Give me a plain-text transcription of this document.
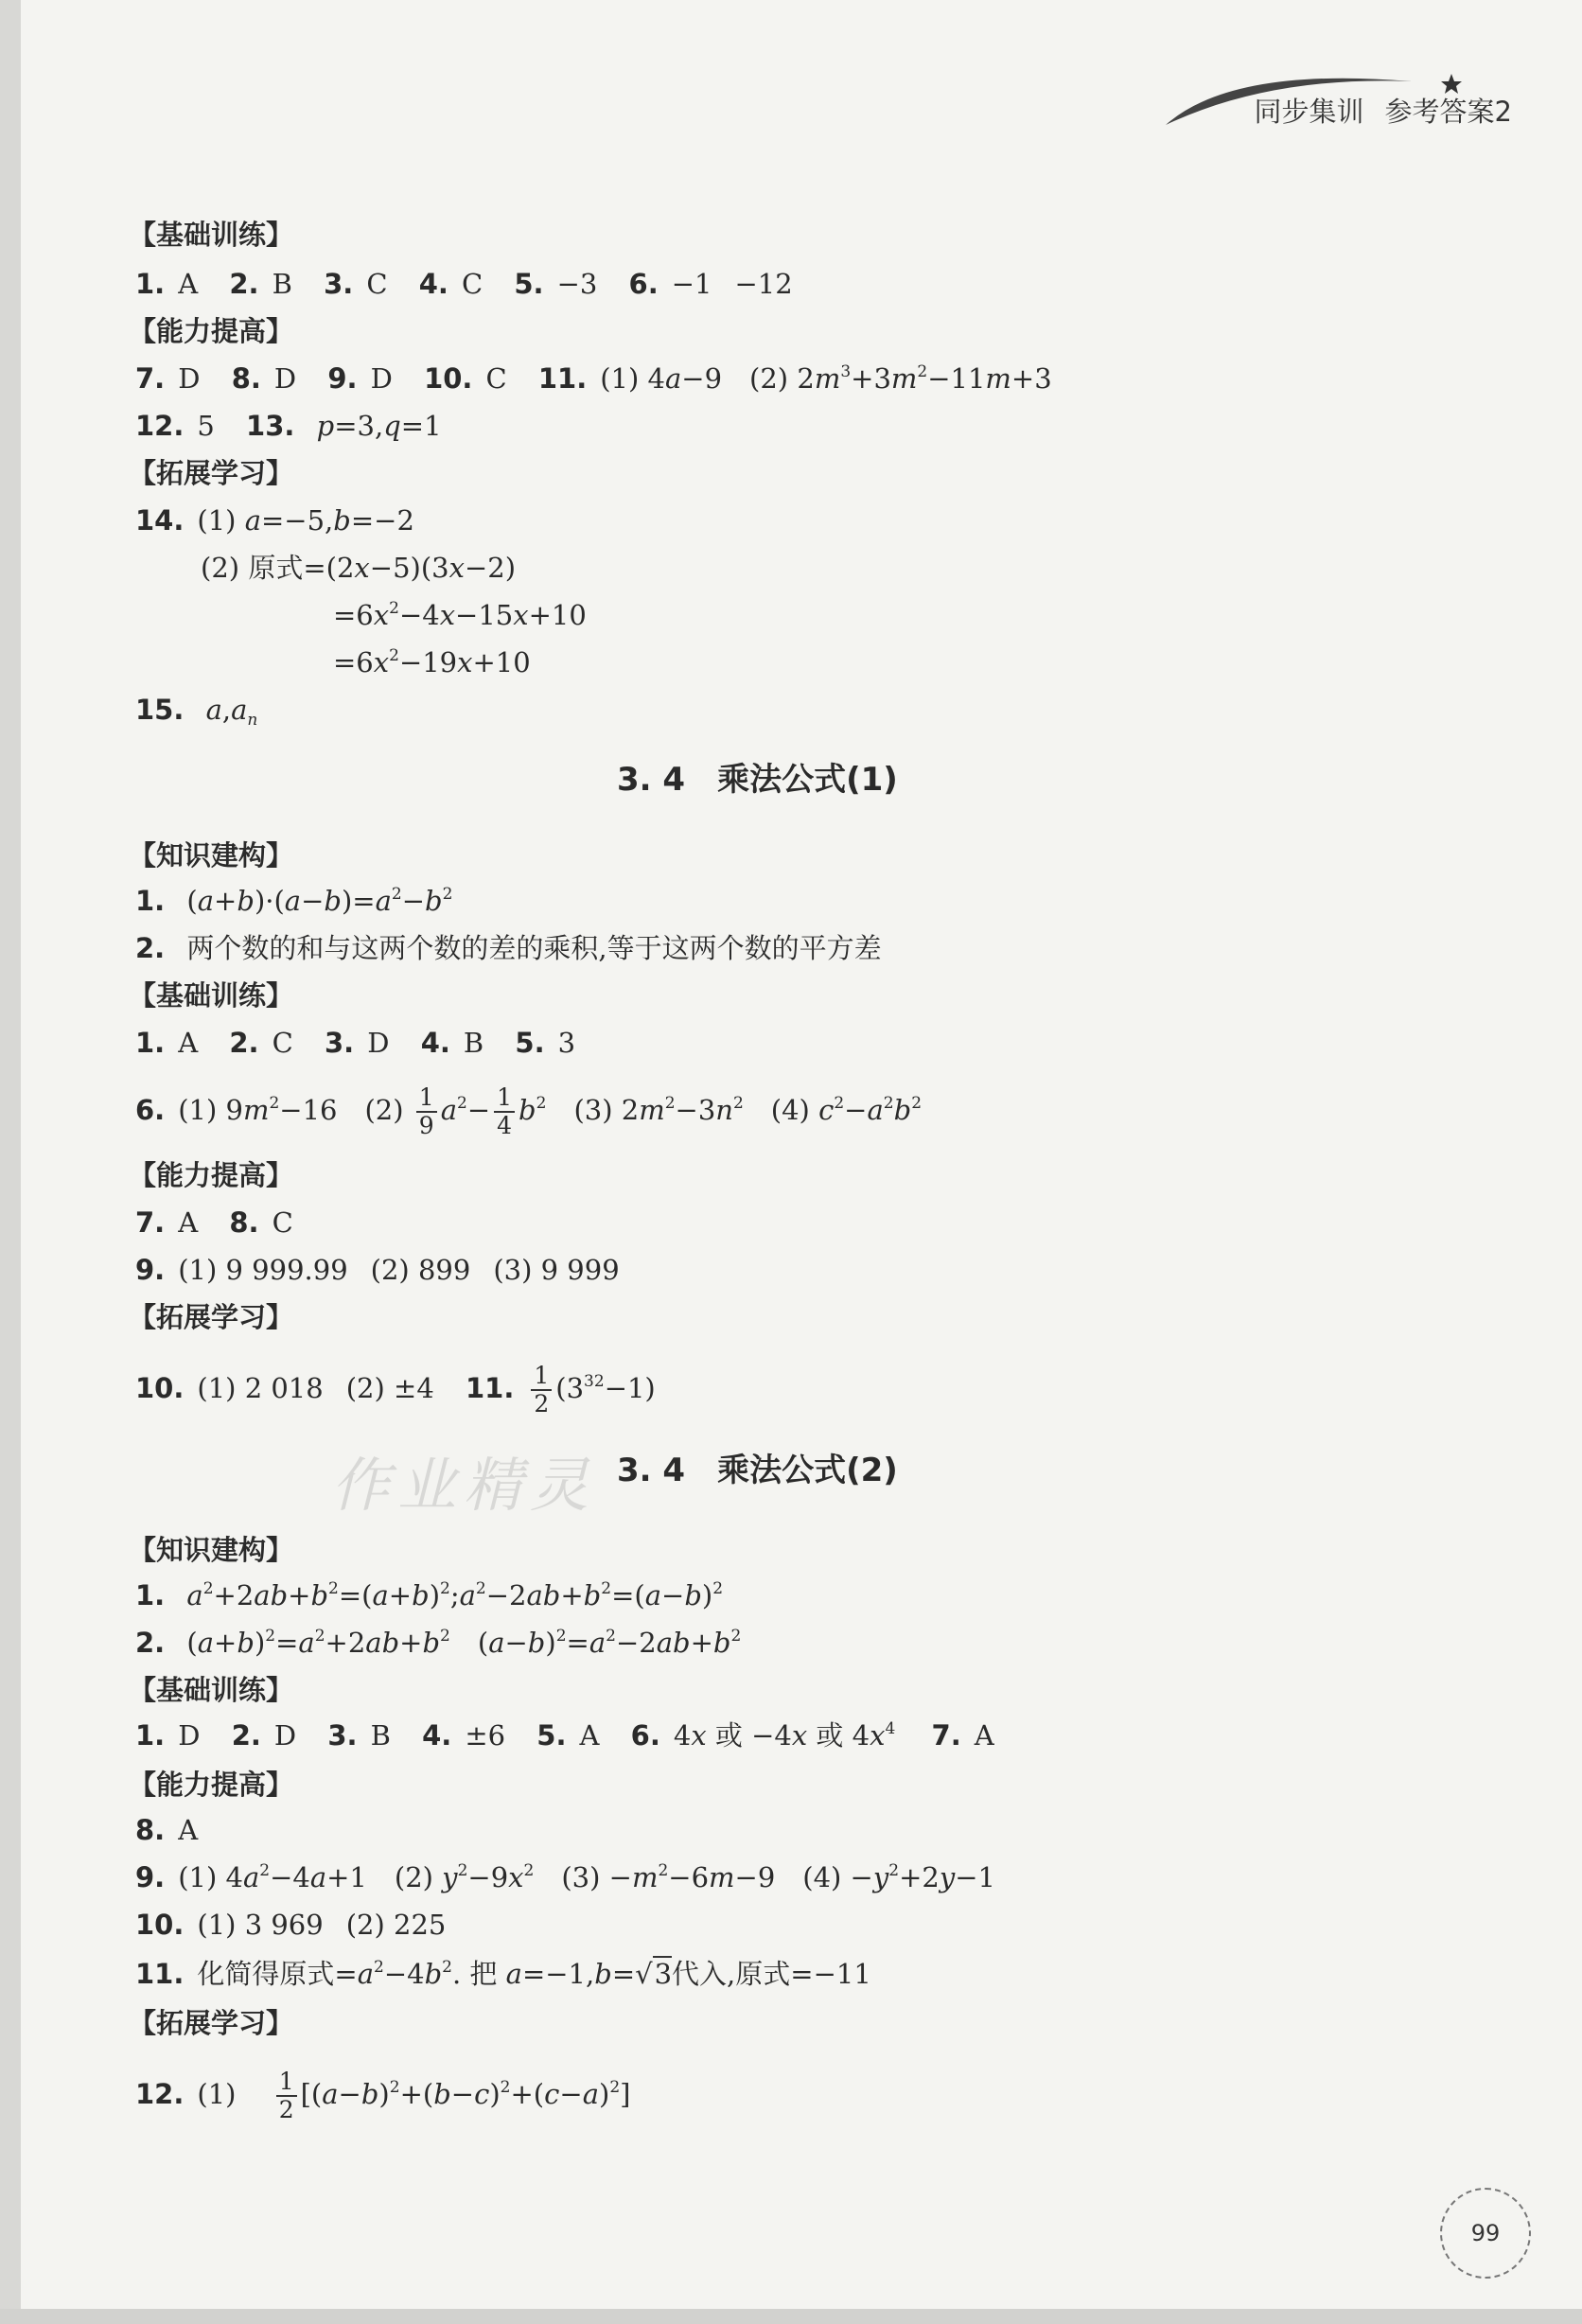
同步集训 参考答案2
【基础训练】
1. A 2. B 3. C 4. C 5. −3 6. −1 −12
【能力提高】
7. D 8. D 9. D 10. C 11. (1) 4a−9　(2) $2m^3+3m^2-11m+3$
12. 5 13. p=3,q=1
【拓展学习】
14. (1) a=−5,b=−2
(2) 原式=(2x−5)(3x−2)
$=6x^2-4x-15x+10$
$=6x^2-19x+10$
15. $a,a_n$
3. 4　乘法公式(1)
【知识建构】
1. $(a+b)\cdot(a-b)=a^2-b^2$
2. 两个数的和与这两个数的差的乘积,等于这两个数的平方差
【基础训练】
1. A 2. C 3. D 4. B 5. 3
6. (1) $9m^2-16$　$(2) \frac{1}{9} a^2- \frac{1}{4} b^2$　(3) $2m^2-3n^2$　(4) $c^2-a^2b^2$
【能力提高】
7. A 8. C
9. (1) 9 999.99 (2) 899 (3) 9 999
【拓展学习】
10. (1) 2 018 (2) ±4 11. $\frac{1}{2} (3^{32}-1)$
作业精灵 3. 4　乘法公式(2)
【知识建构】
1. $a^2+2ab+b^2=(a+b)^2;a^2-2ab+b^2=(a-b)^2$
2. $(a+b)^2=a^2+2ab+b^2$　$(a-b)^2=a^2-2ab+b^2$
【基础训练】
1. D 2. D 3. B 4. ±6 5. A 6. 4x 或 −4x 或 $4x^4$　 7. A
【能力提高】
8. A
9. (1) $4a^2-4a+1$　(2) $y^2-9x^2$　$(3) -m^2-6m-9$　$(4) -y^2+2y-1$
10. (1) 3 969 (2) 225
11. 化简得原式$=a^2-4b^2$. 把 a=−1,b=√3代入,原式=−11
【拓展学习】
12. (1)　 $\frac{1}{2} [(a-b)^2+(b-c)^2+(c-a)^2]$
99
